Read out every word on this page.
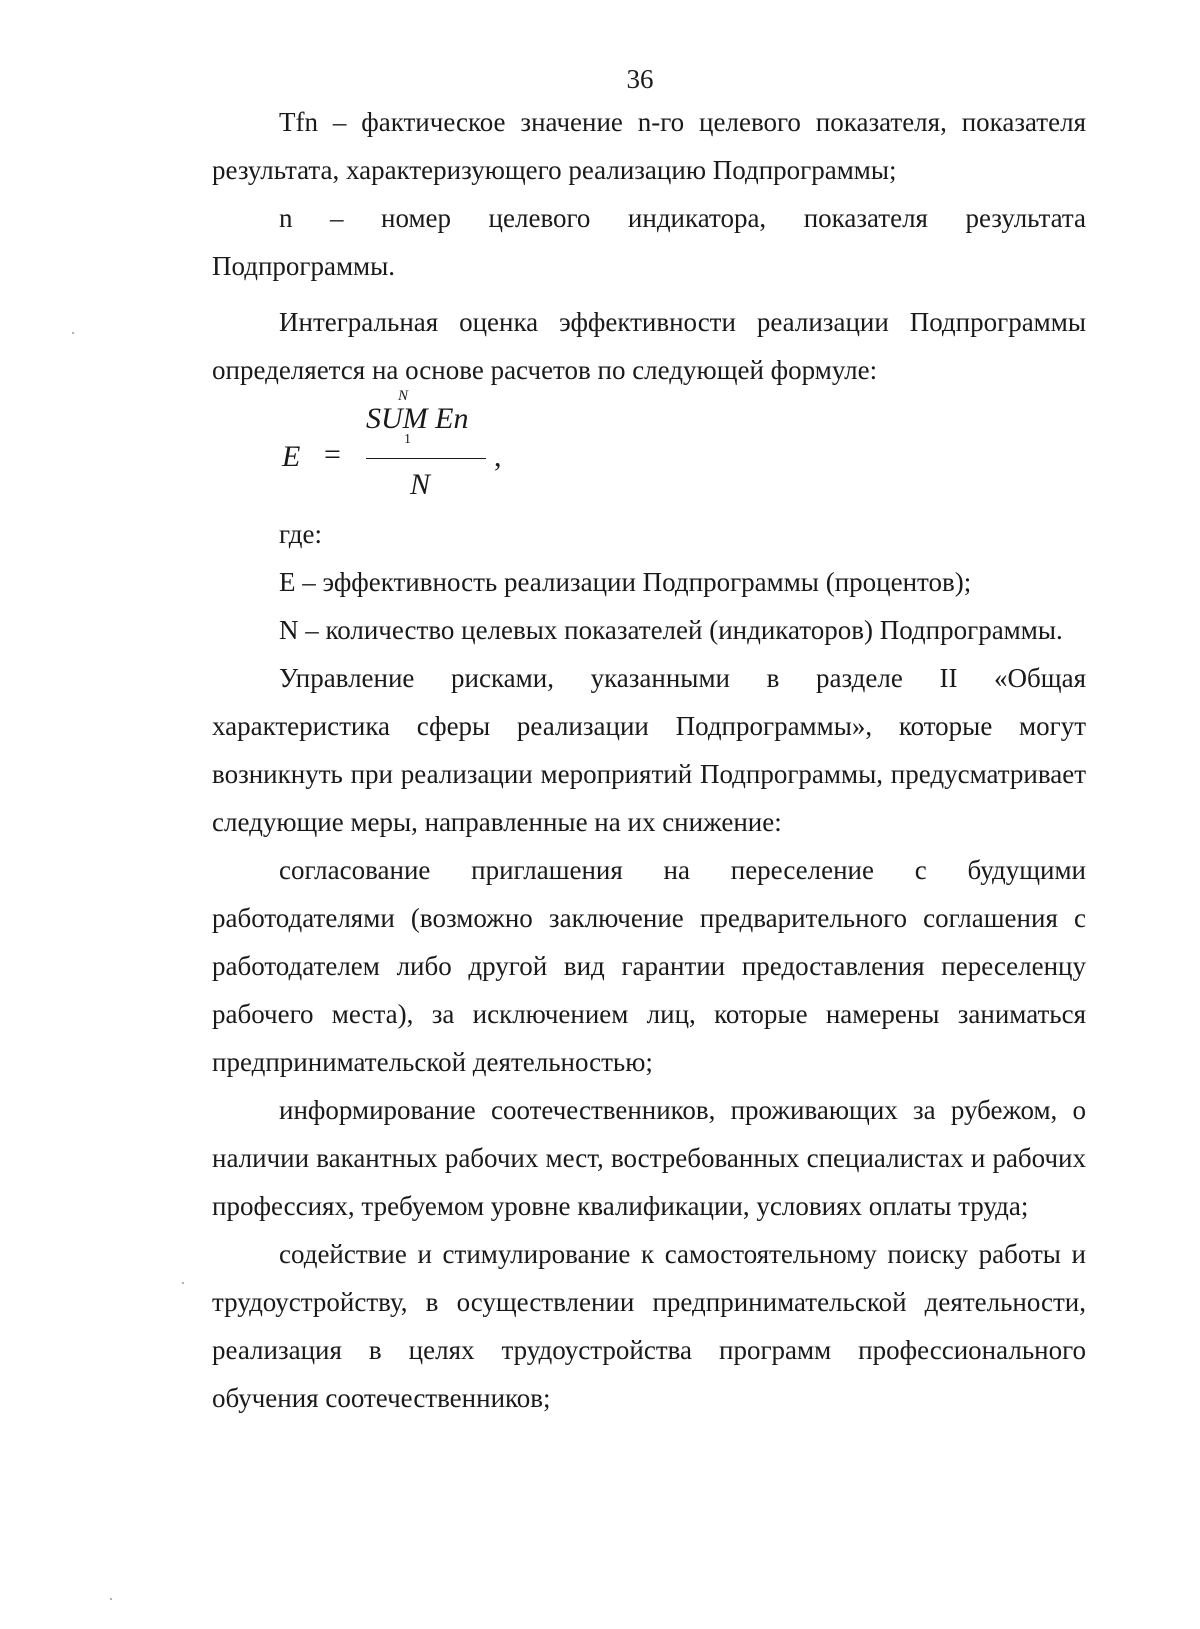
36

Tfn – фактическое значение n-го целевого показателя, показателя результата, характеризующего реализацию Подпрограммы;

n – номер целевого индикатора, показателя результата Подпрограммы.

Интегральная оценка эффективности реализации Подпрограммы определяется на основе расчетов по следующей формуле:

E =
N
SUM En
1
N
,

где:

E – эффективность реализации Подпрограммы (процентов);

N – количество целевых показателей (индикаторов) Подпрограммы.

Управление рисками, указанными в разделе II «Общая характеристика сферы реализации Подпрограммы», которые могут возникнуть при реализации мероприятий Подпрограммы, предусматривает следующие меры, направленные на их снижение:

согласование приглашения на переселение с будущими работодателями (возможно заключение предварительного соглашения с работодателем либо другой вид гарантии предоставления переселенцу рабочего места), за исключением лиц, которые намерены заниматься предпринимательской деятельностью;

информирование соотечественников, проживающих за рубежом, о наличии вакантных рабочих мест, востребованных специалистах и рабочих профессиях, требуемом уровне квалификации, условиях оплаты труда;

содействие и стимулирование к самостоятельному поиску работы и трудоустройству, в осуществлении предпринимательской деятельности, реализация в целях трудоустройства программ профессионального обучения соотечественников;
